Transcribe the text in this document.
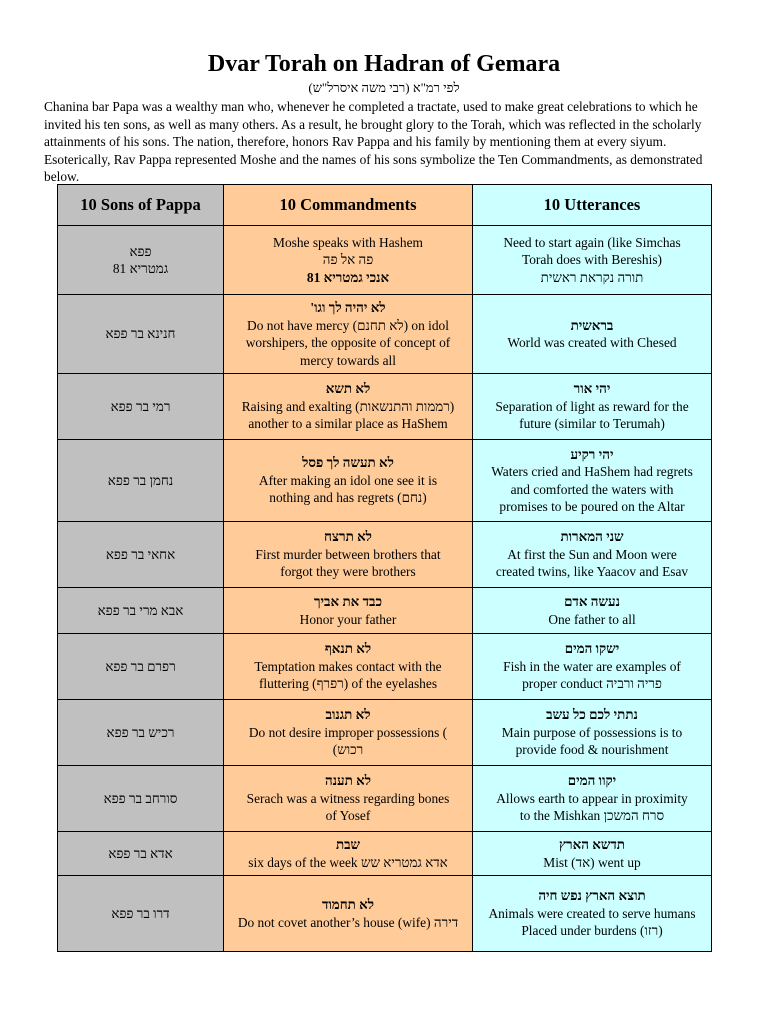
Dvar Torah on Hadran of Gemara
לפי רמ"א (רבי משה איסרל"ש)

Chanina bar Papa was a wealthy man who, whenever he completed a tractate, used to make great celebrations to which he invited his ten sons, as well as many others. As a result, he brought glory to the Torah, which was reflected in the scholarly attainments of his sons. The nation, therefore, honors Rav Pappa and his family by mentioning them at every siyum. Esoterically, Rav Pappa represented Moshe and the names of his sons symbolize the Ten Commandments, as demonstrated below.

10 Sons of Pappa	10 Commandments	10 Utterances

פפא
גמטריא 81	Moshe speaks with Hashem
פה אל פה
אנכי גמטריא 81	Need to start again (like Simchas
Torah does with Bereshis)
תורה נקראת ראשית

חנינא בר פפא	לא יהיה לך וגו'
Do not have mercy (לא תחנם) on idol
worshipers, the opposite of concept of
mercy towards all	בראשית
World was created with Chesed

רמי בר פפא	לא תשא
Raising and exalting (רממות והתנשאות)
another to a similar place as HaShem	יהי אור
Separation of light as reward for the
future (similar to Terumah)

נחמן בר פפא	לא תעשה לך פסל
After making an idol one see it is
nothing and has regrets (נחם)	יהי רקיע
Waters cried and HaShem had regrets
and comforted the waters with
promises to be poured on the Altar

אחאי בר פפא	לא תרצח
First murder between brothers that
forgot they were brothers	שני המארות
At first the Sun and Moon were
created twins, like Yaacov and Esav

אבא מרי בר פפא	כבד את אביך
Honor your father	נעשה אדם
One father to all

רפרם בר פפא	לא תנאף
Temptation makes contact with the
fluttering (רפרף) of the eyelashes	ישקו המים
Fish in the water are examples of
proper conduct פריה ורביה

רכיש בר פפא	לא תגנוב
Do not desire improper possessions (
רכוש)	נתתי לכם כל עשב
Main purpose of possessions is to
provide food & nourishment

סורחב בר פפא	לא תענה
Serach was a witness regarding bones
of Yosef	יקוו המים
Allows earth to appear in proximity
to the Mishkan סרח המשכן

אדא בר פפא	שבת
אדא גמטריא שש six days of the week	תדשא הארץ
Mist (אד) went up

דרו בר פפא	לא תחמוד
Do not covet another’s house (wife) דירה	תוצא הארץ נפש חיה
Animals were created to serve humans
Placed under burdens (רזו)
